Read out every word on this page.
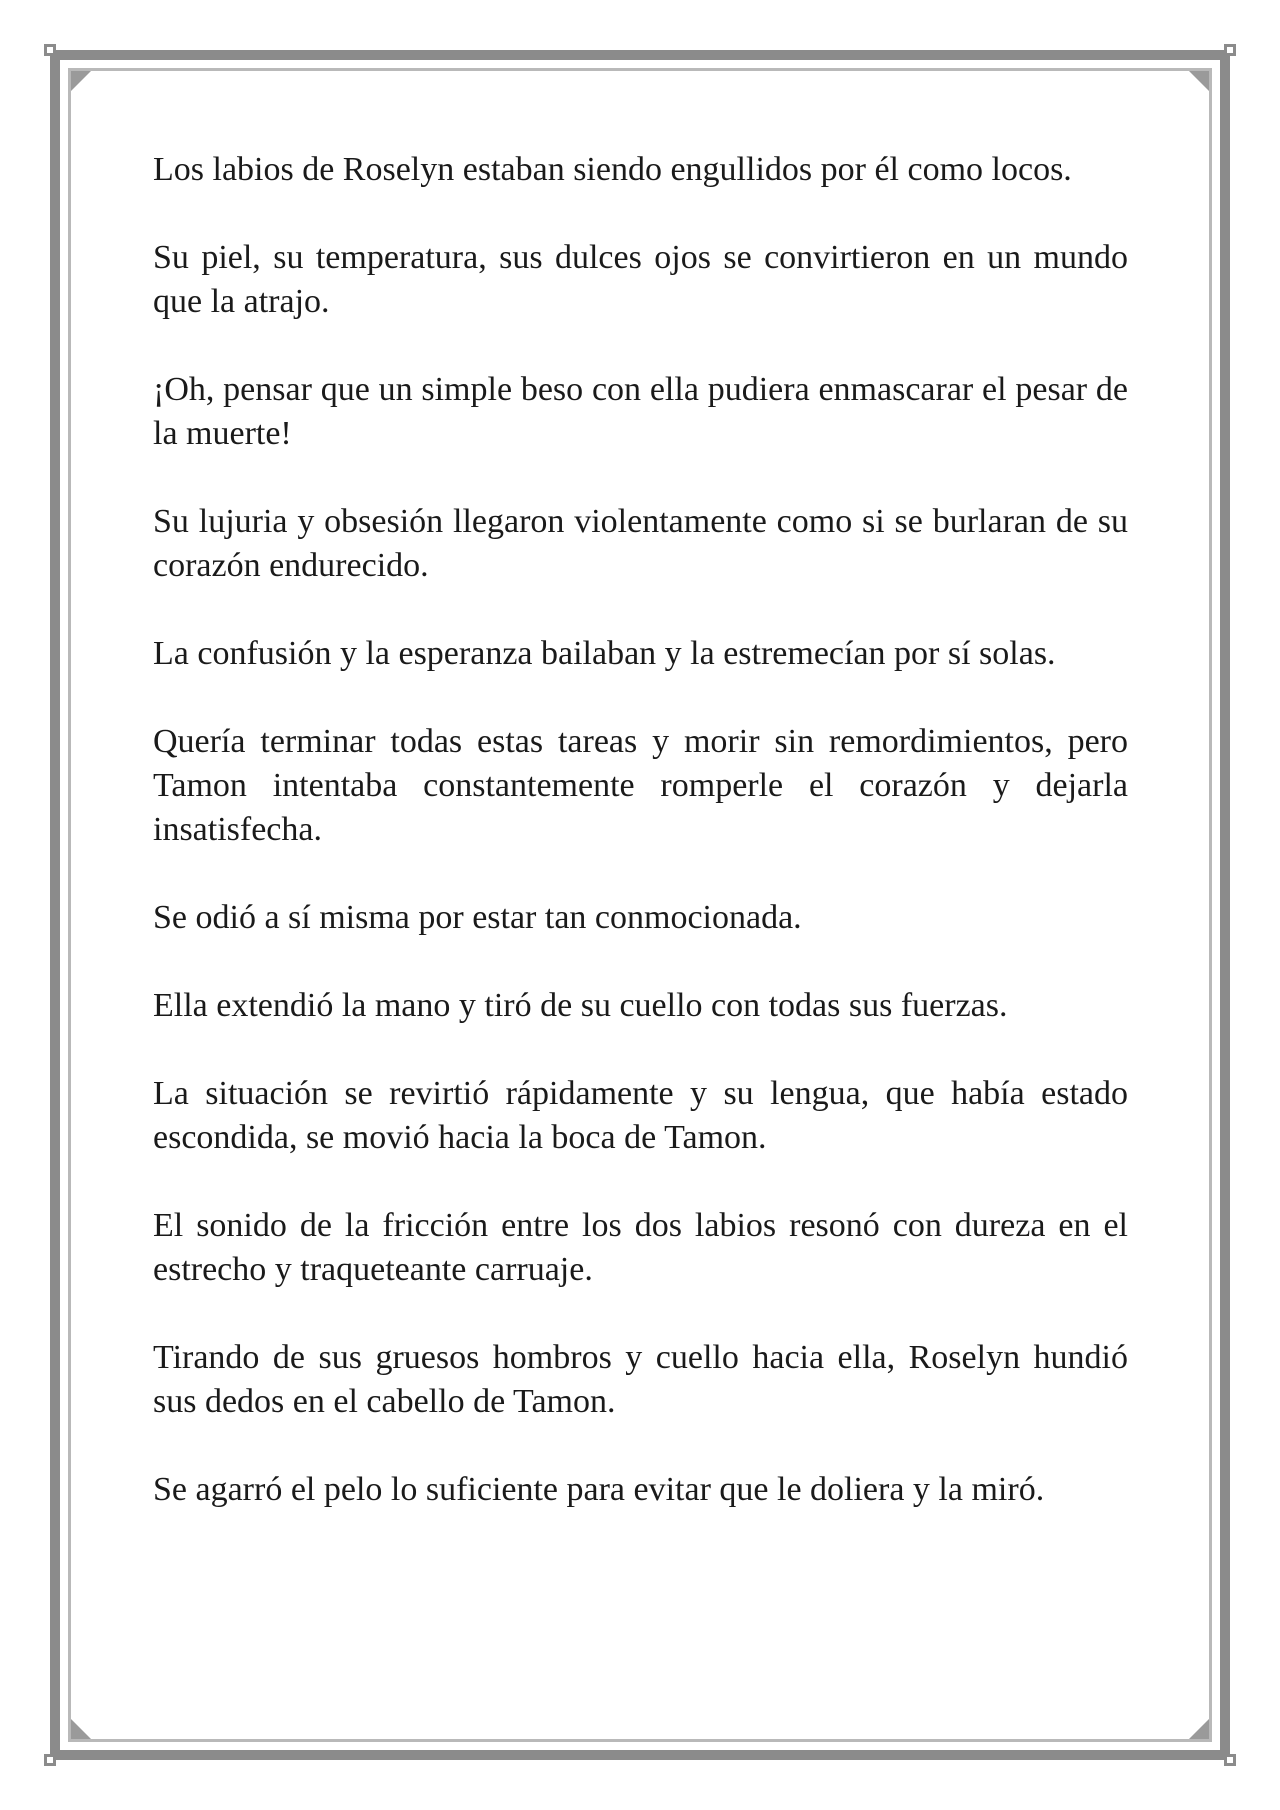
Los labios de Roselyn estaban siendo engullidos por él como locos.

Su piel, su temperatura, sus dulces ojos se convirtieron en un mundo que la atrajo.

¡Oh, pensar que un simple beso con ella pudiera enmascarar el pesar de la muerte!

Su lujuria y obsesión llegaron violentamente como si se burlaran de su corazón endurecido.

La confusión y la esperanza bailaban y la estremecían por sí solas.

Quería terminar todas estas tareas y morir sin remordimientos, pero Tamon intentaba constantemente romperle el corazón y dejarla insatisfecha.

Se odió a sí misma por estar tan conmocionada.

Ella extendió la mano y tiró de su cuello con todas sus fuerzas.

La situación se revirtió rápidamente y su lengua, que había estado escondida, se movió hacia la boca de Tamon.

El sonido de la fricción entre los dos labios resonó con dureza en el estrecho y traqueteante carruaje.

Tirando de sus gruesos hombros y cuello hacia ella, Roselyn hundió sus dedos en el cabello de Tamon.

Se agarró el pelo lo suficiente para evitar que le doliera y la miró.
